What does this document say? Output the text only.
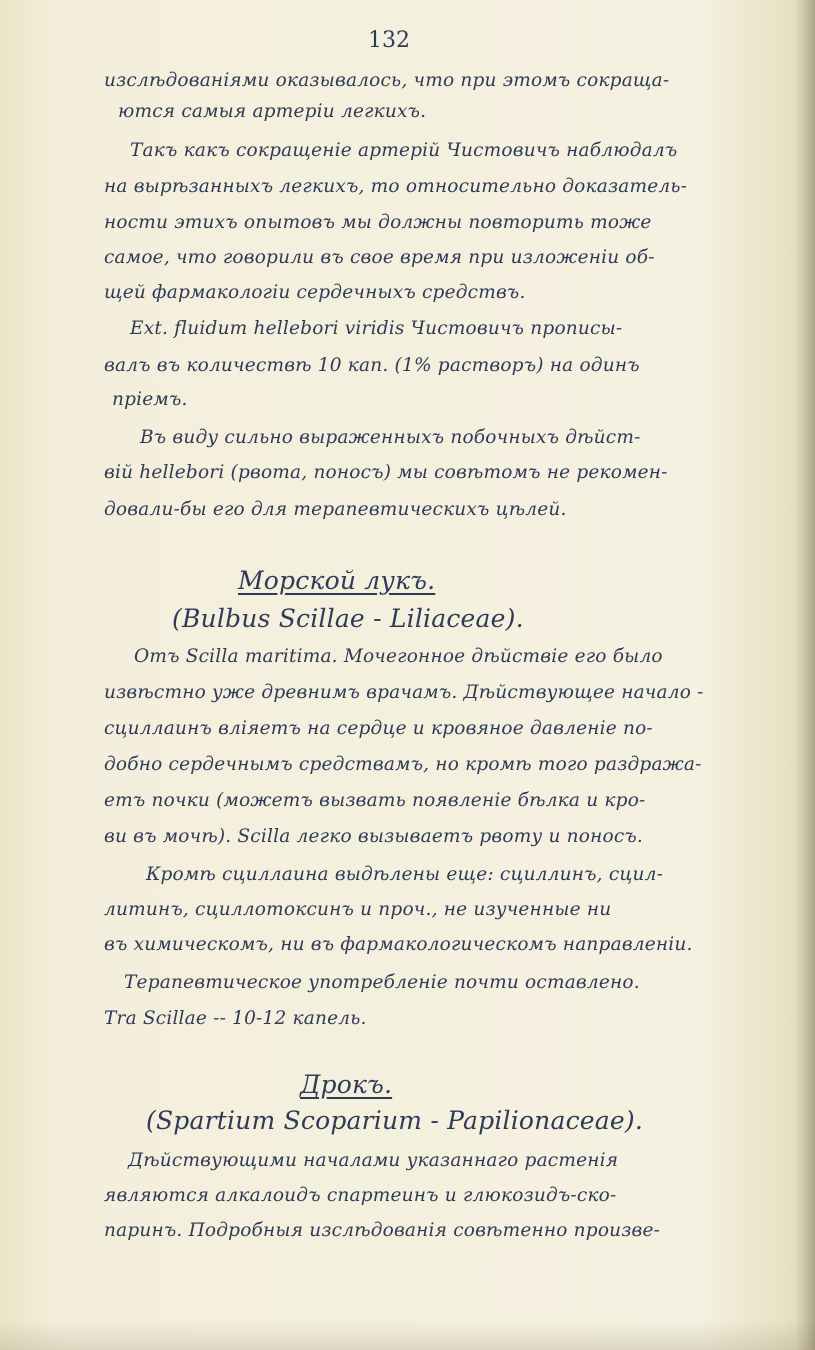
132
изслѣдованіями оказывалось, что при этомъ сокраща-
ются самыя артеріи легкихъ.
Такъ какъ сокращеніе артерій Чистовичъ наблюдалъ
на вырѣзанныхъ легкихъ, то относительно доказатель-
ности этихъ опытовъ мы должны повторить тоже
самое, что говорили въ свое время при изложеніи об-
щей фармакологіи сердечныхъ средствъ.
Ext. fluidum hellebori viridis Чистовичъ прописы-
валъ въ количествѣ 10 кап. (1% растворъ) на одинъ
пріемъ.
Въ виду сильно выраженныхъ побочныхъ дѣйст-
вій hellebori (рвота, поносъ) мы совѣтомъ не рекомен-
довали-бы его для терапевтическихъ цѣлей.
Морской лукъ.
(Bulbus Scillae - Liliaceae).
Отъ Scilla maritima. Мочегонное дѣйствіе его было
извѣстно уже древнимъ врачамъ. Дѣйствующее начало -
сциллаинъ вліяетъ на сердце и кровяное давленіе по-
добно сердечнымъ средствамъ, но кромѣ того раздража-
етъ почки (можетъ вызвать появленіе бѣлка и кро-
ви въ мочѣ). Scilla легко вызываетъ рвоту и поносъ.
Кромѣ сциллаина выдѣлены еще: сциллинъ, сцил-
литинъ, сциллотоксинъ и проч., не изученные ни
въ химическомъ, ни въ фармакологическомъ направленіи.
Терапевтическое употребленіе почти оставлено.
Tra Scillae -- 10-12 капель.
Дрокъ.
(Spartium Scoparium - Papilionaceae).
Дѣйствующими началами указаннаго растенія
являются алкалоидъ спартеинъ и глюкозидъ-ско-
паринъ. Подробныя изслѣдованія совѣтенно произве-
